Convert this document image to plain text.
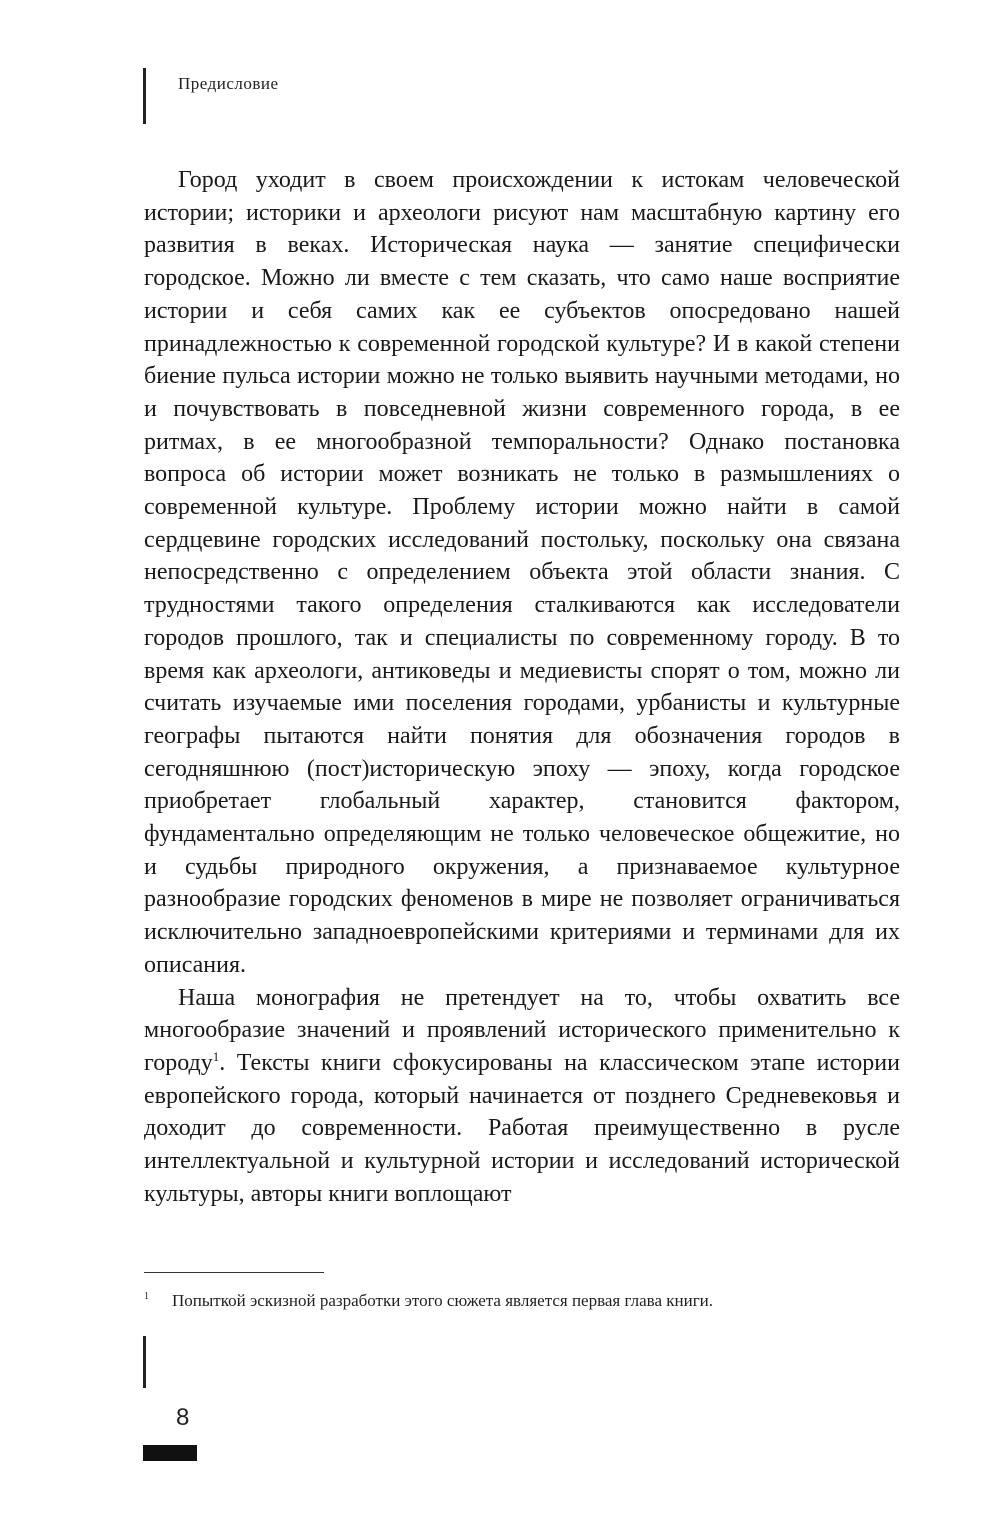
Предисловие

Город уходит в своем происхождении к истокам человеческой истории; историки и археологи рисуют нам масштабную картину его развития в веках. Историческая наука — занятие специфически городское. Можно ли вместе с тем сказать, что само наше восприятие истории и себя самих как ее субъектов опосредовано нашей принадлежностью к современной городской культуре? И в какой степени биение пульса истории можно не только выявить научными методами, но и почувствовать в повседневной жизни современного города, в ее ритмах, в ее многообразной темпоральности? Однако постановка вопроса об истории может возникать не только в размышлениях о современной культуре. Проблему истории можно найти в самой сердцевине городских исследований постольку, поскольку она связана непосредственно с определением объекта этой области знания. С трудностями такого определения сталкиваются как исследователи городов прошлого, так и специалисты по современному городу. В то время как археологи, антиковеды и медиевисты спорят о том, можно ли считать изучаемые ими поселения городами, урбанисты и культурные географы пытаются найти понятия для обозначения городов в сегодняшнюю (пост)историческую эпоху — эпоху, когда городское приобретает глобальный характер, становится фактором, фундаментально определяющим не только человеческое общежитие, но и судьбы природного окружения, а признаваемое культурное разнообразие городских феноменов в мире не позволяет ограничиваться исключительно западноевропейскими критериями и терминами для их описания.

Наша монография не претендует на то, чтобы охватить все многообразие значений и проявлений исторического применительно к городу$^1$. Тексты книги сфокусированы на классическом этапе истории европейского города, который начинается от позднего Средневековья и доходит до современности. Работая преимущественно в русле интеллектуальной и культурной истории и исследований исторической культуры, авторы книги воплощают

1 Попыткой эскизной разработки этого сюжета является первая глава книги.
8
